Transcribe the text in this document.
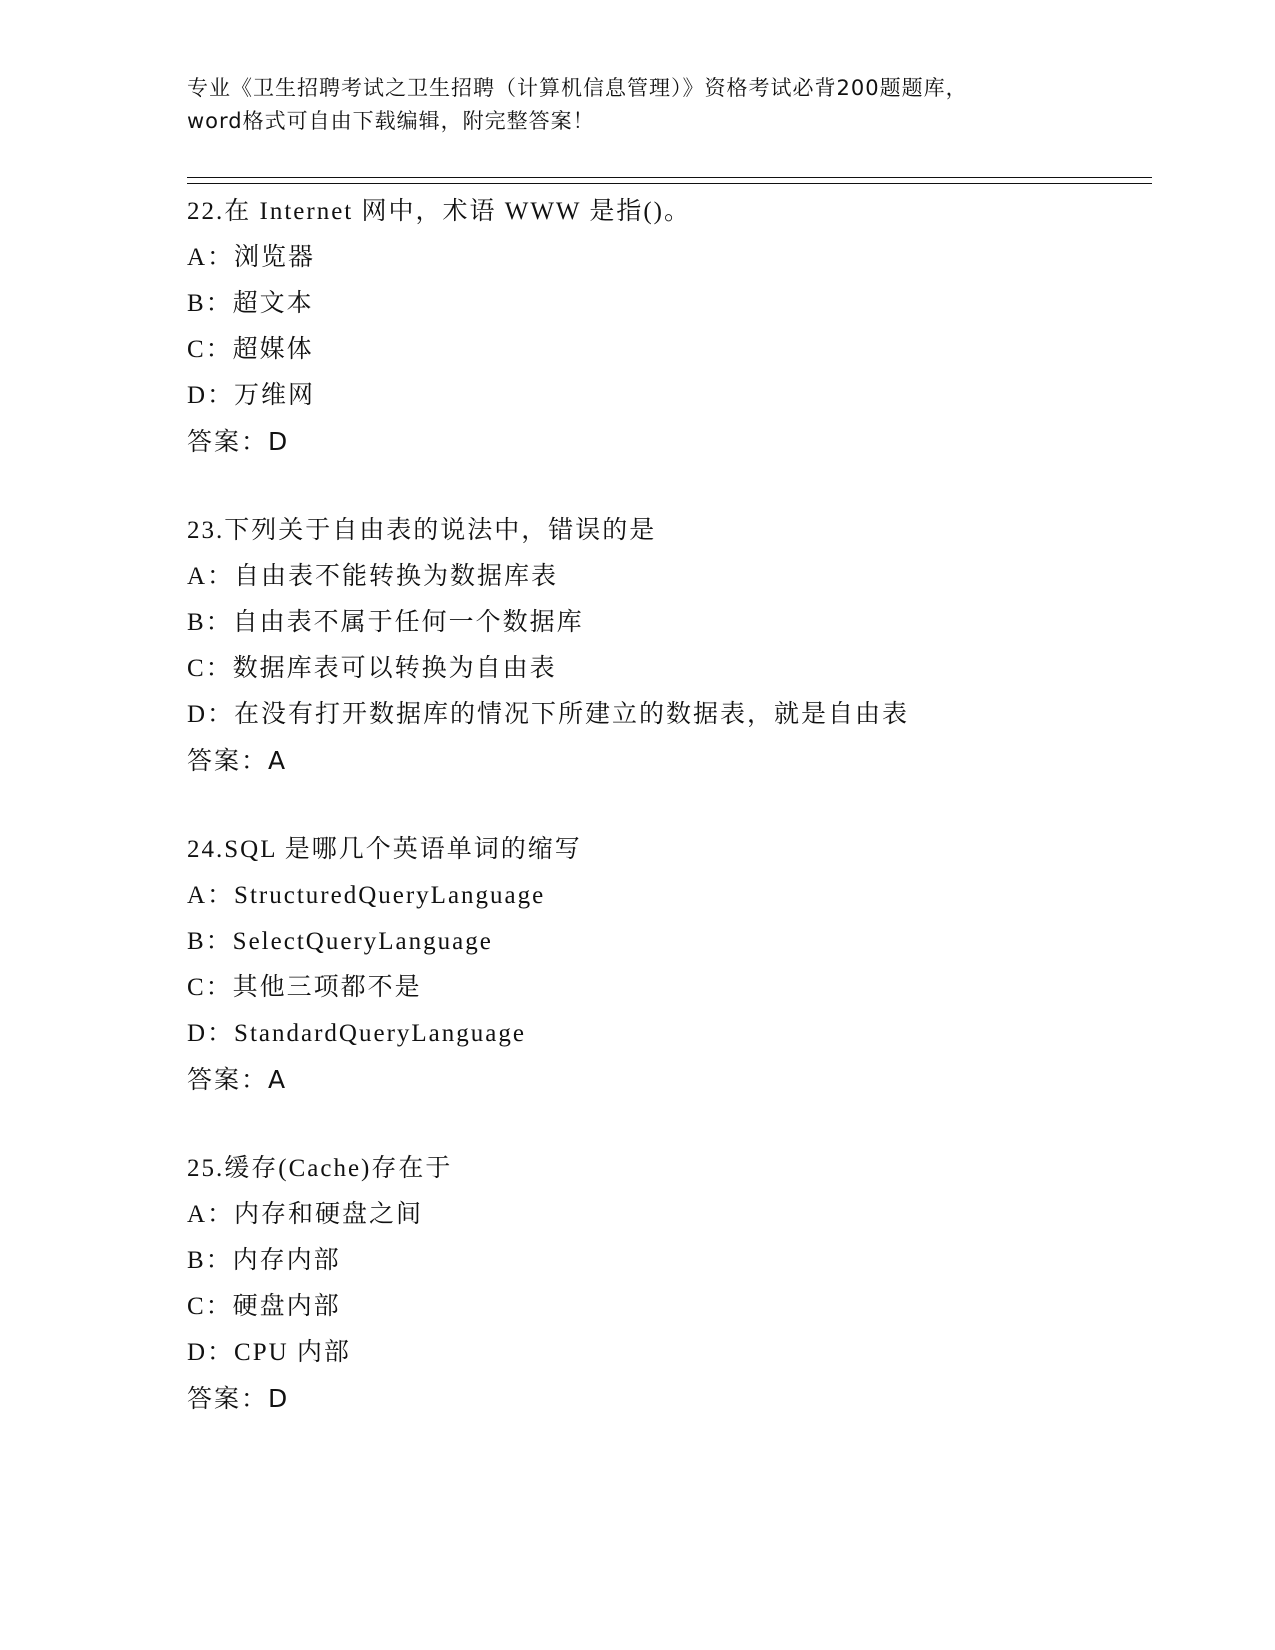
专业《卫生招聘考试之卫生招聘（计算机信息管理）》资格考试必背200题题库，
word格式可自由下载编辑，附完整答案！
22.在 Internet 网中，术语 WWW 是指()。
A：浏览器
B：超文本
C：超媒体
D：万维网
答案：D
23.下列关于自由表的说法中，错误的是
A：自由表不能转换为数据库表
B：自由表不属于任何一个数据库
C：数据库表可以转换为自由表
D：在没有打开数据库的情况下所建立的数据表，就是自由表
答案：A
24.SQL 是哪几个英语单词的缩写
A：StructuredQueryLanguage
B：SelectQueryLanguage
C：其他三项都不是
D：StandardQueryLanguage
答案：A
25.缓存(Cache)存在于
A：内存和硬盘之间
B：内存内部
C：硬盘内部
D：CPU 内部
答案：D
